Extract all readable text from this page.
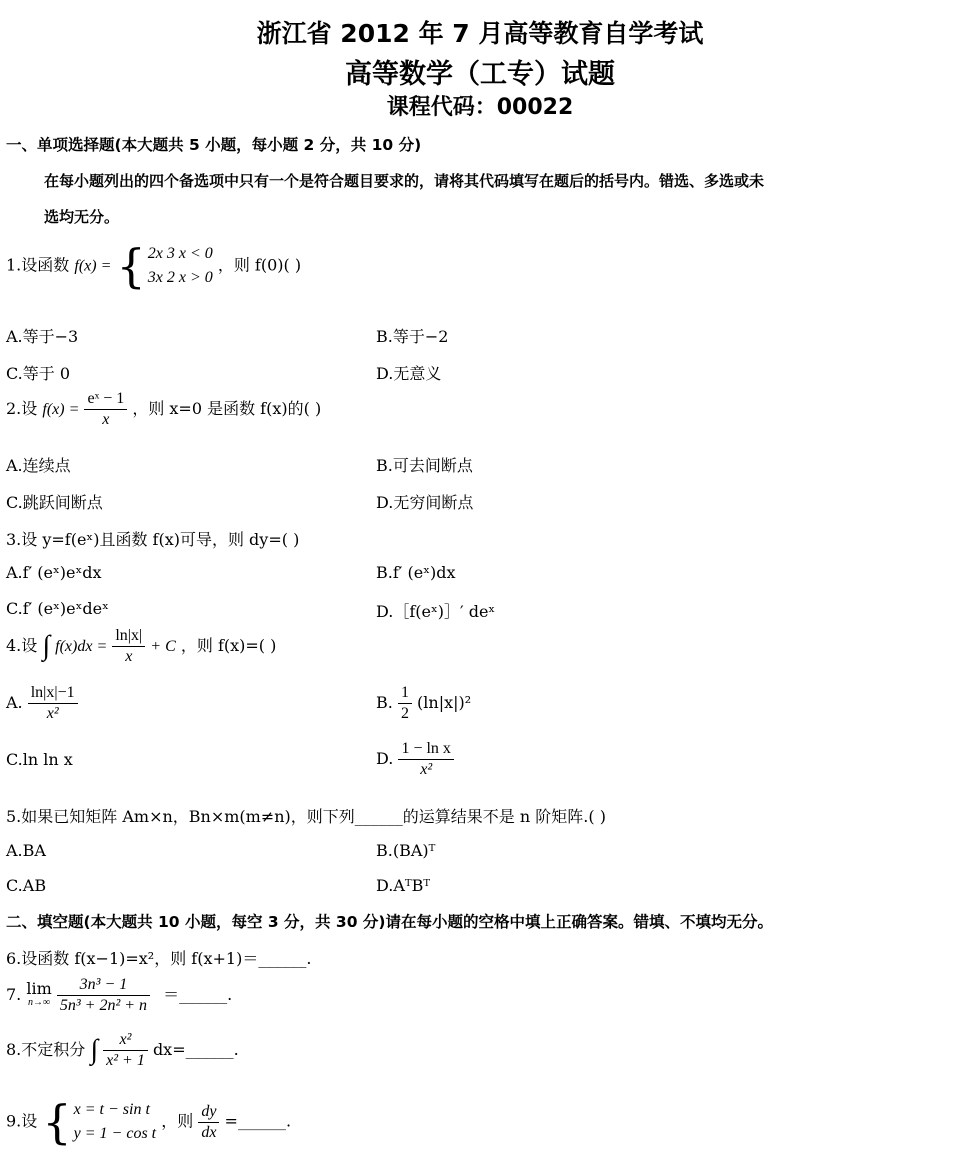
浙江省 2012 年 7 月高等教育自学考试
高等数学（工专）试题
课程代码：00022
一、单项选择题(本大题共 5 小题，每小题 2 分，共 10 分)
在每小题列出的四个备选项中只有一个是符合题目要求的，请将其代码填写在题后的括号内。错选、多选或未
选均无分。
1.设函数 f(x) = { 2x 3 x < 0
3x 2 x > 0
，则 f(0)( )
A.等于−3	B.等于−2
C.等于 0	D.无意义
2.设 $f(x) = \frac{\text{eˣ − 1}}{x}$ ，则 x=0 是函数 f(x)的( )
A.连续点	B.可去间断点
C.跳跃间断点	D.无穷间断点
3.设 y=f(eˣ)且函数 f(x)可导，则 dy=( )
A.f′ (eˣ)eˣdx	B.f′ (eˣ)dx
C.f′ (eˣ)eˣdeˣ	D.［f(eˣ)］′ deˣ
4.设 ∫ $f(x)dx = \frac{\ln|x|}{x} + C$ ，则 f(x)=( )
A. $\frac{\ln|x|-1}{\text{x²}}$	B. $\frac{1}{2} (\ln|x|)^2$
C.ln ln x	D. $\frac{\text{1 − ln x}}{\text{x²}}$
5.如果已知矩阵 Am×n，Bn×m(m≠n)，则下列______的运算结果不是 n 阶矩阵.( )
A.BA	B.(BA)ᵀ
C.AB	D.AᵀBᵀ
二、填空题(本大题共 10 小题，每空 3 分，共 30 分)请在每小题的空格中填上正确答案。错填、不填均无分。
6.设函数 f(x−1)=x²，则 f(x+1)＝______.
7. lim
n→∞
$\frac{\text{3n³ − 1}}{\text{5n³ + 2n² + n}}$ ＝______.
8.不定积分 ∫ $\frac{\text{x²}}{\text{x² + 1}}$ dx=______.
9.设 { x = t − sin t
y = 1 − cos t
，则 $\frac{dy}{dx}$ =______.
